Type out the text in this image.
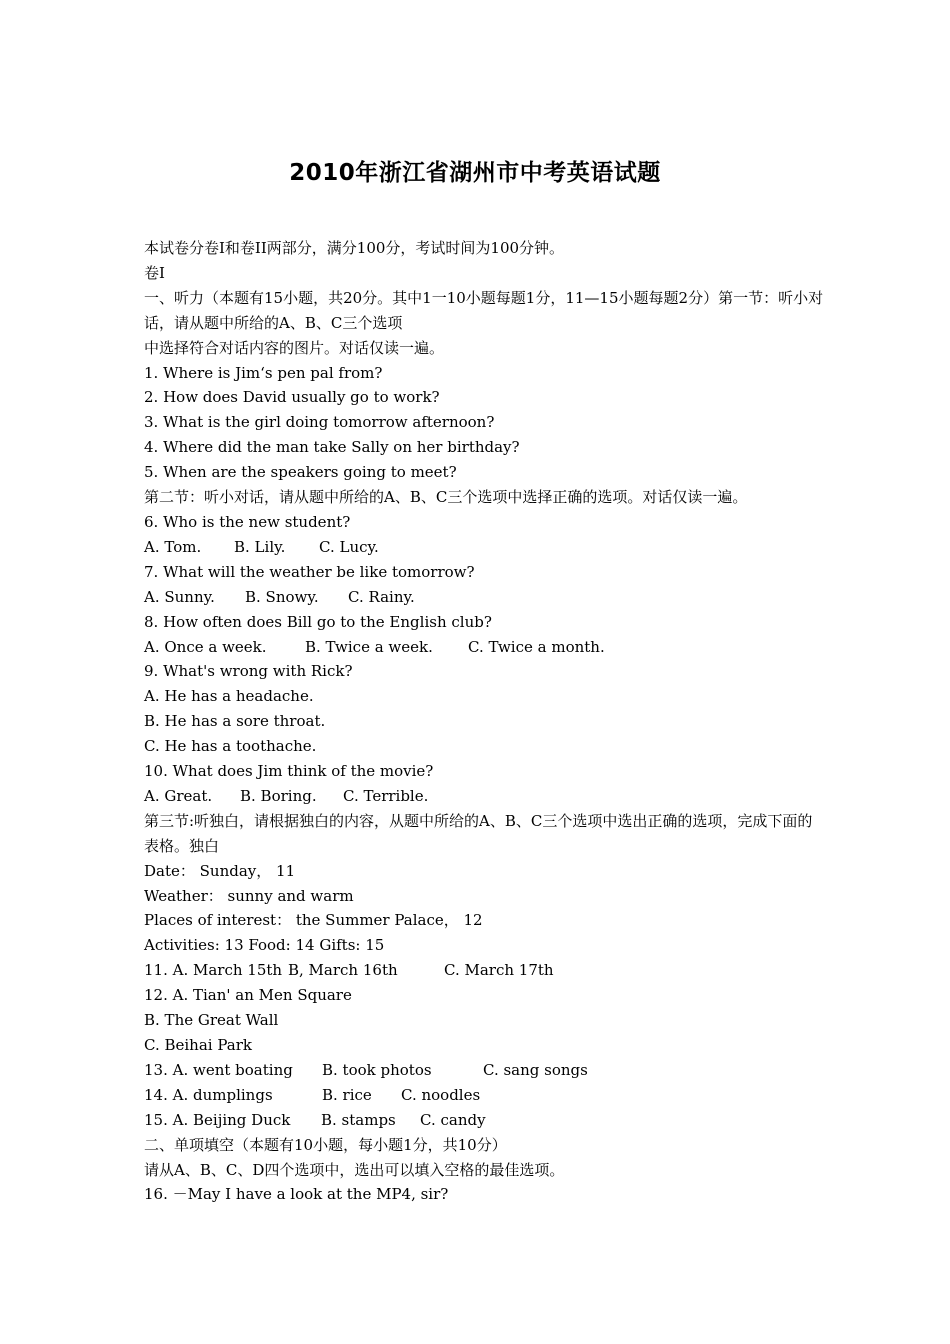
2010年浙江省湖州市中考英语试题
本试卷分卷I和卷II两部分，满分100分，考试时间为100分钟。
卷I
一、听力（本题有15小题，共20分。其中1一10小题每题1分，11—15小题每题2分）第一节：听小对话，请从题中所给的A、B、C三个选项
中选择符合对话内容的图片。对话仅读一遍。
1. Where is Jim‘s pen pal from?
2. How does David usually go to work?
3. What is the girl doing tomorrow afternoon?
4. Where did the man take Sally on her birthday?
5. When are the speakers going to meet?
第二节：听小对话，请从题中所给的A、B、C三个选项中选择正确的选项。对话仅读一遍。
6. Who is the new student?
A. Tom. B. Lily. C. Lucy.
7. What will the weather be like tomorrow?
A. Sunny. B. Snowy. C. Rainy.
8. How often does Bill go to the English club?
A. Once a week.	B. Twice a week. C. Twice a month.
9. What's wrong with Rick?
A. He has a headache.
B. He has a sore throat.
C. He has a toothache.
10. What does Jim think of the movie?
A. Great. B. Boring. C. Terrible.
第三节:听独白，请根据独白的内容，从题中所给的A、B、C三个选项中选出正确的选项，完成下面的表格。独白
Date： Sunday， 11
Weather： sunny and warm
Places of interest： the Summer Palace， 12
Activities: 13 Food: 14 Gifts: 15
11. A. March 15th B, March 16th	C. March 17th
12. A. Tian' an Men Square
B. The Great Wall
C. Beihai Park
13. A. went boating B. took photos	C. sang songs
14. A. dumplings	B. rice C. noodles
15. A. Beijing Duck B. stamps C. candy
二、单项填空（本题有10小题，每小题1分，共10分）
请从A、B、C、D四个选项中，选出可以填入空格的最佳选项。
16. －May I have a look at the MP4, sir?
